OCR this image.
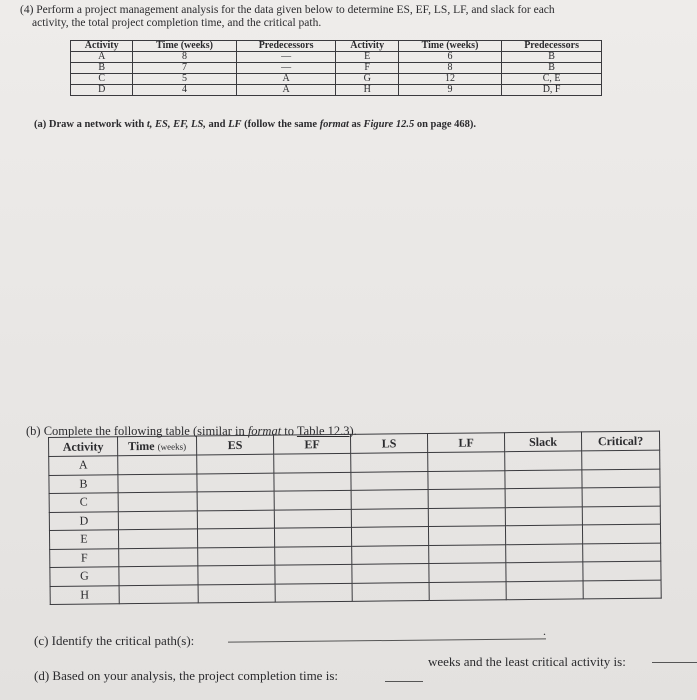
(4) Perform a project management analysis for the data given below to determine ES, EF, LS, LF, and slack for each
activity, the total project completion time, and the critical path.
Activity	Time (weeks)	Predecessors	Activity	Time (weeks)	Predecessors
A	8	—	E	6	B
B	7	—	F	8	B
C	5	A	G	12	C, E
D	4	A	H	9	D, F
(a) Draw a network with t, ES, EF, LS, and LF (follow the same format as Figure 12.5 on page 468).
(b) Complete the following table (similar in format to Table 12.3).
Activity	Time (weeks)	ES	EF	LS	LF	Slack	Critical?
A							
B							
C							
D							
E							
F							
G							
H							
(c) Identify the critical path(s):
.
(d) Based on your analysis, the project completion time is:
weeks and the least critical activity is:
